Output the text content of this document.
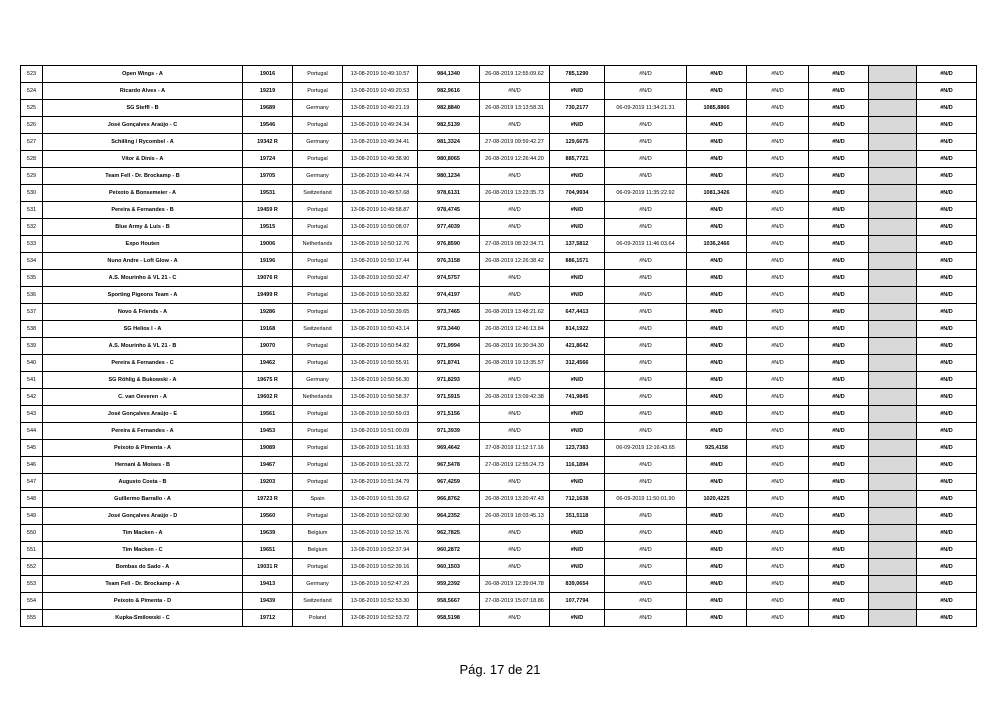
523	Open Wings - A	19016	Portugal	13-08-2019 10:49:10.57	984,1340	26-08-2019 12:55:09.62	785,1290	#N/D	#N/D	#N/D	#N/D		#N/D
524	Ricardo Alves - A	19219	Portugal	13-08-2019 10:49:20.53	982,9616	#N/D	#N/D	#N/D	#N/D	#N/D	#N/D		#N/D
525	SG Steffl - B	19689	Germany	13-08-2019 10:49:21.19	982,8840	26-08-2019 13:13:58.31	730,2177	06-09-2019 11:34:21.31	1085,8866	#N/D	#N/D		#N/D
526	José Gonçalves Araújo - C	19546	Portugal	13-08-2019 10:49:24.34	982,5139	#N/D	#N/D	#N/D	#N/D	#N/D	#N/D		#N/D
527	Schilling / Rycombel - A	19342 R	Germany	13-08-2019 10:49:34.41	981,3324	27-08-2019 09:59:42.27	129,6675	#N/D	#N/D	#N/D	#N/D		#N/D
528	Vítor & Dinis - A	19724	Portugal	13-08-2019 10:49:38.90	980,8065	26-08-2019 12:26:44.20	885,7721	#N/D	#N/D	#N/D	#N/D		#N/D
529	Team Fell - Dr. Brockamp - B	19705	Germany	13-08-2019 10:49:44.74	980,1234	#N/D	#N/D	#N/D	#N/D	#N/D	#N/D		#N/D
530	Peixoto & Bonsemeier - A	19531	Switzerland	13-08-2019 10:49:57.68	978,6131	26-08-2019 13:23:35.73	704,9934	06-09-2019 11:35:22.92	1081,3426	#N/D	#N/D		#N/D
531	Pereira & Fernandes - B	19459 R	Portugal	13-08-2019 10:49:58.87	978,4745	#N/D	#N/D	#N/D	#N/D	#N/D	#N/D		#N/D
532	Blue Army & Luís - B	19515	Portugal	13-08-2019 10:50:08.07	977,4039	#N/D	#N/D	#N/D	#N/D	#N/D	#N/D		#N/D
533	Expo Houten	19006	Netherlands	13-08-2019 10:50:12.76	976,8590	27-08-2019 08:32:34.71	137,5812	06-09-2019 11:46:03.64	1036,2466	#N/D	#N/D		#N/D
534	Nuno Andre - Loft Glow - A	19196	Portugal	13-08-2019 10:50:17.44	976,3158	26-08-2019 12:26:38.42	886,1571	#N/D	#N/D	#N/D	#N/D		#N/D
535	A.S. Mourinho & VL 21 - C	19076 R	Portugal	13-08-2019 10:50:32.47	974,5757	#N/D	#N/D	#N/D	#N/D	#N/D	#N/D		#N/D
536	Sporting Pigeons Team - A	19499 R	Portugal	13-08-2019 10:50:33.82	974,4197	#N/D	#N/D	#N/D	#N/D	#N/D	#N/D		#N/D
537	Novo & Friends - A	19286	Portugal	13-08-2019 10:50:39.65	973,7465	26-08-2019 13:48:21.62	647,4413	#N/D	#N/D	#N/D	#N/D		#N/D
538	SG Helios I - A	19168	Switzerland	13-08-2019 10:50:43.14	973,3440	26-08-2019 12:46:13.84	814,1922	#N/D	#N/D	#N/D	#N/D		#N/D
539	A.S. Mourinho & VL 21 - B	19070	Portugal	13-08-2019 10:50:54.82	971,9994	26-08-2019 16:30:34.30	421,8642	#N/D	#N/D	#N/D	#N/D		#N/D
540	Pereira & Fernandes - C	19462	Portugal	13-08-2019 10:50:55.91	971,8741	26-08-2019 19:13:35.57	312,4566	#N/D	#N/D	#N/D	#N/D		#N/D
541	SG Röhlig & Bukowski - A	19675 R	Germany	13-08-2019 10:50:56.30	971,8293	#N/D	#N/D	#N/D	#N/D	#N/D	#N/D		#N/D
542	C. van Oeveren - A	19602 R	Netherlands	13-08-2019 10:50:58.37	971,5915	26-08-2019 13:09:42.38	741,9845	#N/D	#N/D	#N/D	#N/D		#N/D
543	José Gonçalves Araújo - E	19561	Portugal	13-08-2019 10:50:59.03	971,5156	#N/D	#N/D	#N/D	#N/D	#N/D	#N/D		#N/D
544	Pereira & Fernandes - A	19453	Portugal	13-08-2019 10:51:00.09	971,3939	#N/D	#N/D	#N/D	#N/D	#N/D	#N/D		#N/D
545	Peixoto & Pimenta - A	19089	Portugal	13-08-2019 10:51:16.93	969,4642	27-08-2019 11:12:17.16	123,7383	06-09-2019 12:16:43.65	925,4158	#N/D	#N/D		#N/D
546	Hernani & Moises - B	19467	Portugal	13-08-2019 10:51:33.72	967,5478	27-08-2019 12:55:24.73	116,1894	#N/D	#N/D	#N/D	#N/D		#N/D
547	Augusto Costa - B	19203	Portugal	13-08-2019 10:51:34.79	967,4259	#N/D	#N/D	#N/D	#N/D	#N/D	#N/D		#N/D
548	Guillermo Barrallo - A	19723 R	Spain	13-08-2019 10:51:39.62	966,8762	26-08-2019 13:20:47.43	712,1638	06-09-2019 11:50:01.90	1020,4225	#N/D	#N/D		#N/D
549	José Gonçalves Araújo - D	19560	Portugal	13-08-2019 10:52:02.90	964,2352	26-08-2019 18:03:45.13	351,5118	#N/D	#N/D	#N/D	#N/D		#N/D
550	Tim Macken - A	19639	Belgium	13-08-2019 10:52:15.76	962,7825	#N/D	#N/D	#N/D	#N/D	#N/D	#N/D		#N/D
551	Tim Macken - C	19651	Belgium	13-08-2019 10:52:37.94	960,2872	#N/D	#N/D	#N/D	#N/D	#N/D	#N/D		#N/D
552	Bombas do Sado - A	19031 R	Portugal	13-08-2019 10:52:39.16	960,1503	#N/D	#N/D	#N/D	#N/D	#N/D	#N/D		#N/D
553	Team Fell - Dr. Brockamp - A	19413	Germany	13-08-2019 10:52:47.29	959,2392	26-08-2019 12:39:04.78	839,0654	#N/D	#N/D	#N/D	#N/D		#N/D
554	Peixoto & Pimenta - D	19439	Switzerland	13-08-2019 10:52:53.30	958,5667	27-08-2019 15:07:18.86	107,7794	#N/D	#N/D	#N/D	#N/D		#N/D
555	Kupka-Smilowski - C	19712	Poland	13-08-2019 10:52:53.72	958,5198	#N/D	#N/D	#N/D	#N/D	#N/D	#N/D		#N/D
Pág. 17 de 21
